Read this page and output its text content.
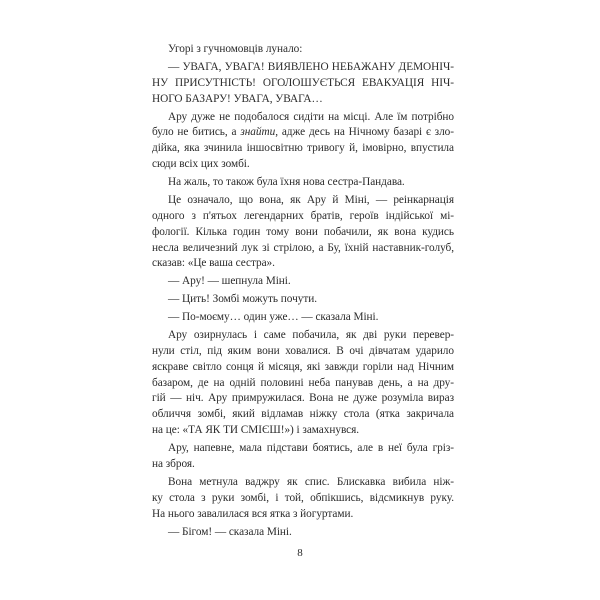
Угорі з гучномовців лунало:
— УВАГА, УВАГА! ВИЯВЛЕНО НЕБАЖАНУ ДЕМОНІЧ-
НУ ПРИСУТНІСТЬ! ОГОЛОШУЄТЬСЯ ЕВАКУАЦІЯ НІЧ-
НОГО БАЗАРУ! УВАГА, УВАГА…
Ару дуже не подобалося сидіти на місці. Але їм потрібно
було не битись, а знайти, адже десь на Нічному базарі є зло-
дійка, яка зчинила іншосвітню тривогу й, імовірно, впустила
сюди всіх цих зомбі.
На жаль, то також була їхня нова сестра-Пандава.
Це означало, що вона, як Ару й Міні, — реінкарнація
одного з п'ятьох легендарних братів, героїв індійської мі-
фології. Кілька годин тому вони побачили, як вона кудись
несла величезний лук зі стрілою, а Бу, їхній наставник-голуб,
сказав: «Це ваша сестра».
— Ару! — шепнула Міні.
— Цить! Зомбі можуть почути.
— По-моєму… один уже… — сказала Міні.
Ару озирнулась і саме побачила, як дві руки перевер-
нули стіл, під яким вони ховалися. В очі дівчатам ударило
яскраве світло сонця й місяця, які завжди горіли над Нічним
базаром, де на одній половині неба панував день, а на дру-
гій — ніч. Ару примружилася. Вона не дуже розуміла вираз
обличчя зомбі, який відламав ніжку стола (ятка закричала
на це: «ТА ЯК ТИ СМІЄШ!») і замахнувся.
Ару, напевне, мала підстави боятись, але в неї була гріз-
на зброя.
Вона метнула ваджру як спис. Блискавка вибила ніж-
ку стола з руки зомбі, і той, обпікшись, відсмикнув руку.
На нього завалилася вся ятка з йогуртами.
— Бігом! — сказала Міні.
8
